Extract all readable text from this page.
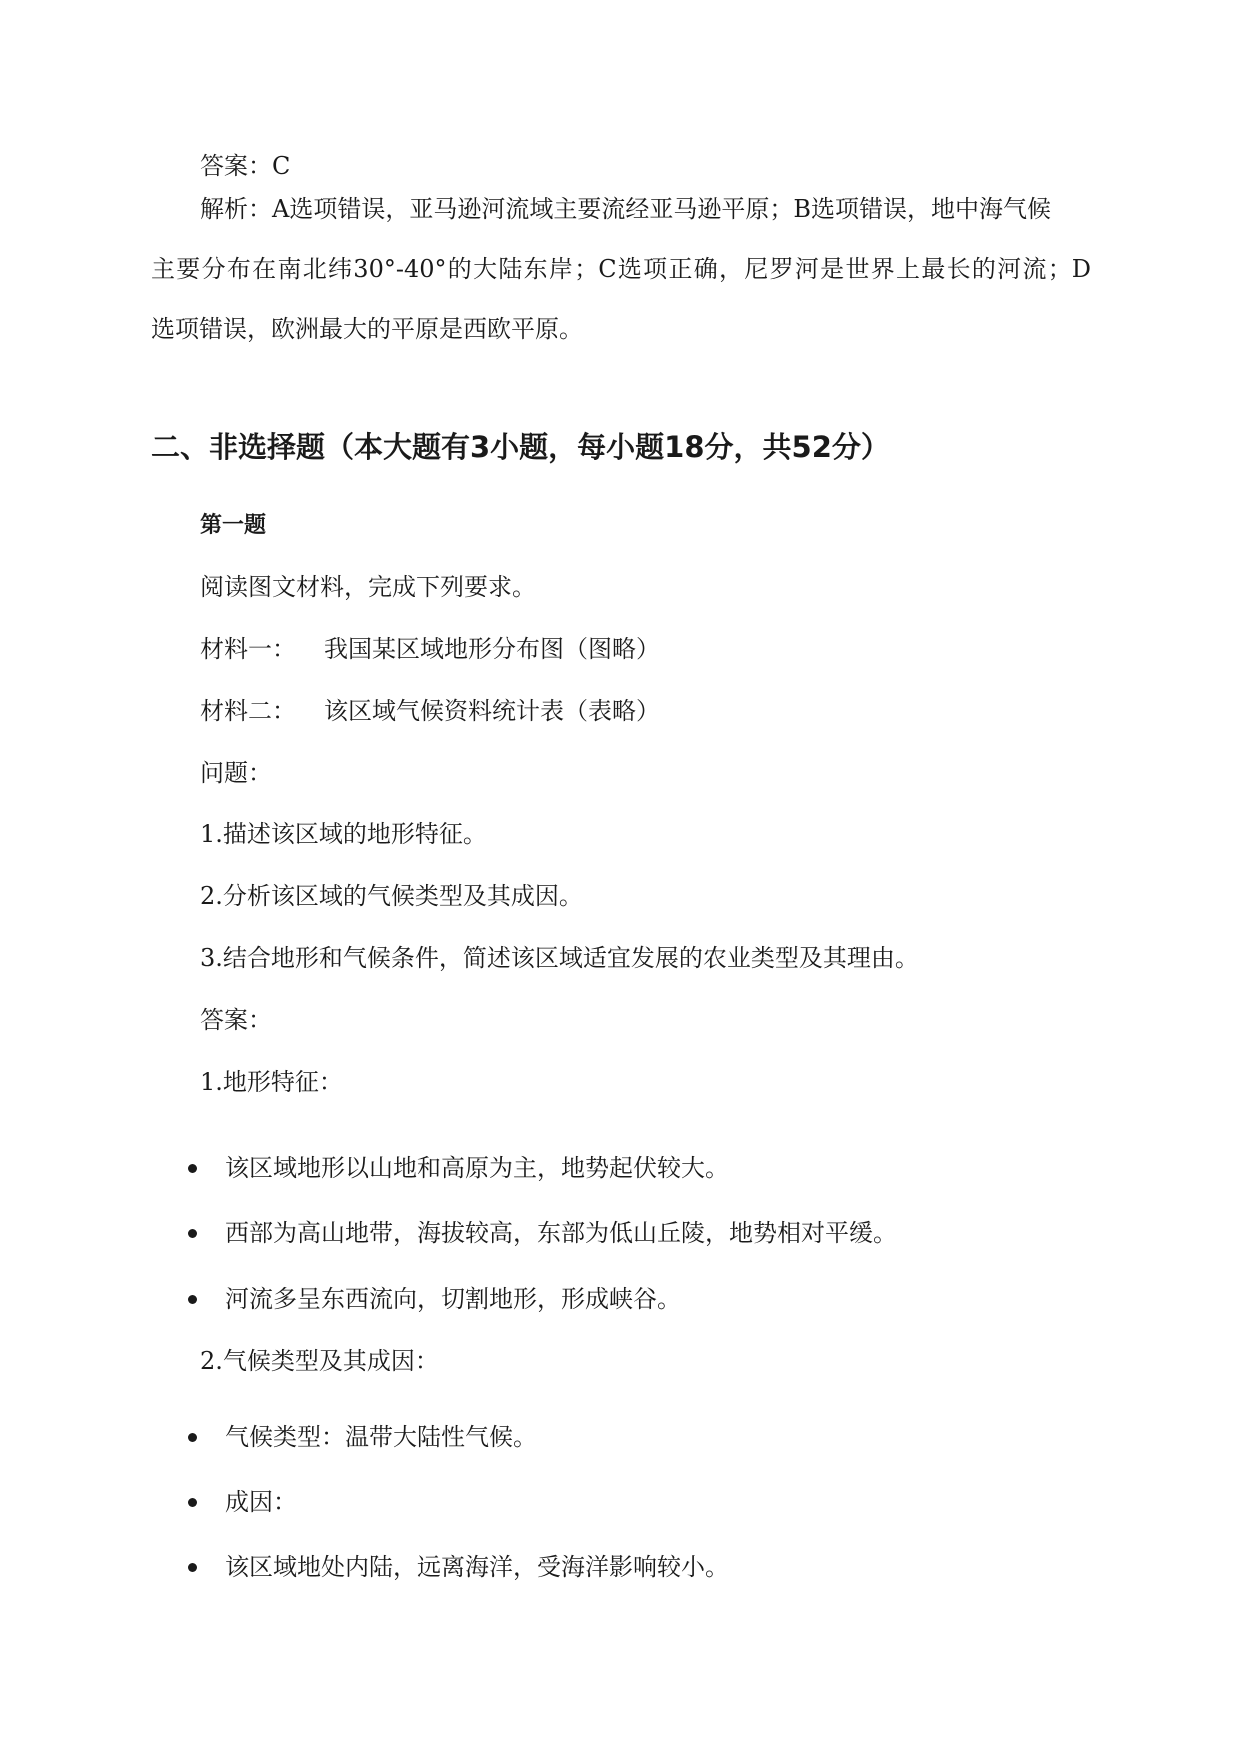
答案：C
解析：A选项错误，亚马逊河流域主要流经亚马逊平原；B选项错误，地中海气候
主要分布在南北纬30°-40°的大陆东岸；C选项正确，尼罗河是世界上最长的河流；D
选项错误，欧洲最大的平原是西欧平原。
二、非选择题（本大题有3小题，每小题18分，共52分）
第一题
阅读图文材料，完成下列要求。
材料一： 我国某区域地形分布图（图略）
材料二： 该区域气候资料统计表（表略）
问题：
1.描述该区域的地形特征。
2.分析该区域的气候类型及其成因。
3.结合地形和气候条件，简述该区域适宜发展的农业类型及其理由。
答案：
1.地形特征：
该区域地形以山地和高原为主，地势起伏较大。
西部为高山地带，海拔较高，东部为低山丘陵，地势相对平缓。
河流多呈东西流向，切割地形，形成峡谷。
2.气候类型及其成因：
气候类型：温带大陆性气候。
成因：
该区域地处内陆，远离海洋，受海洋影响较小。
